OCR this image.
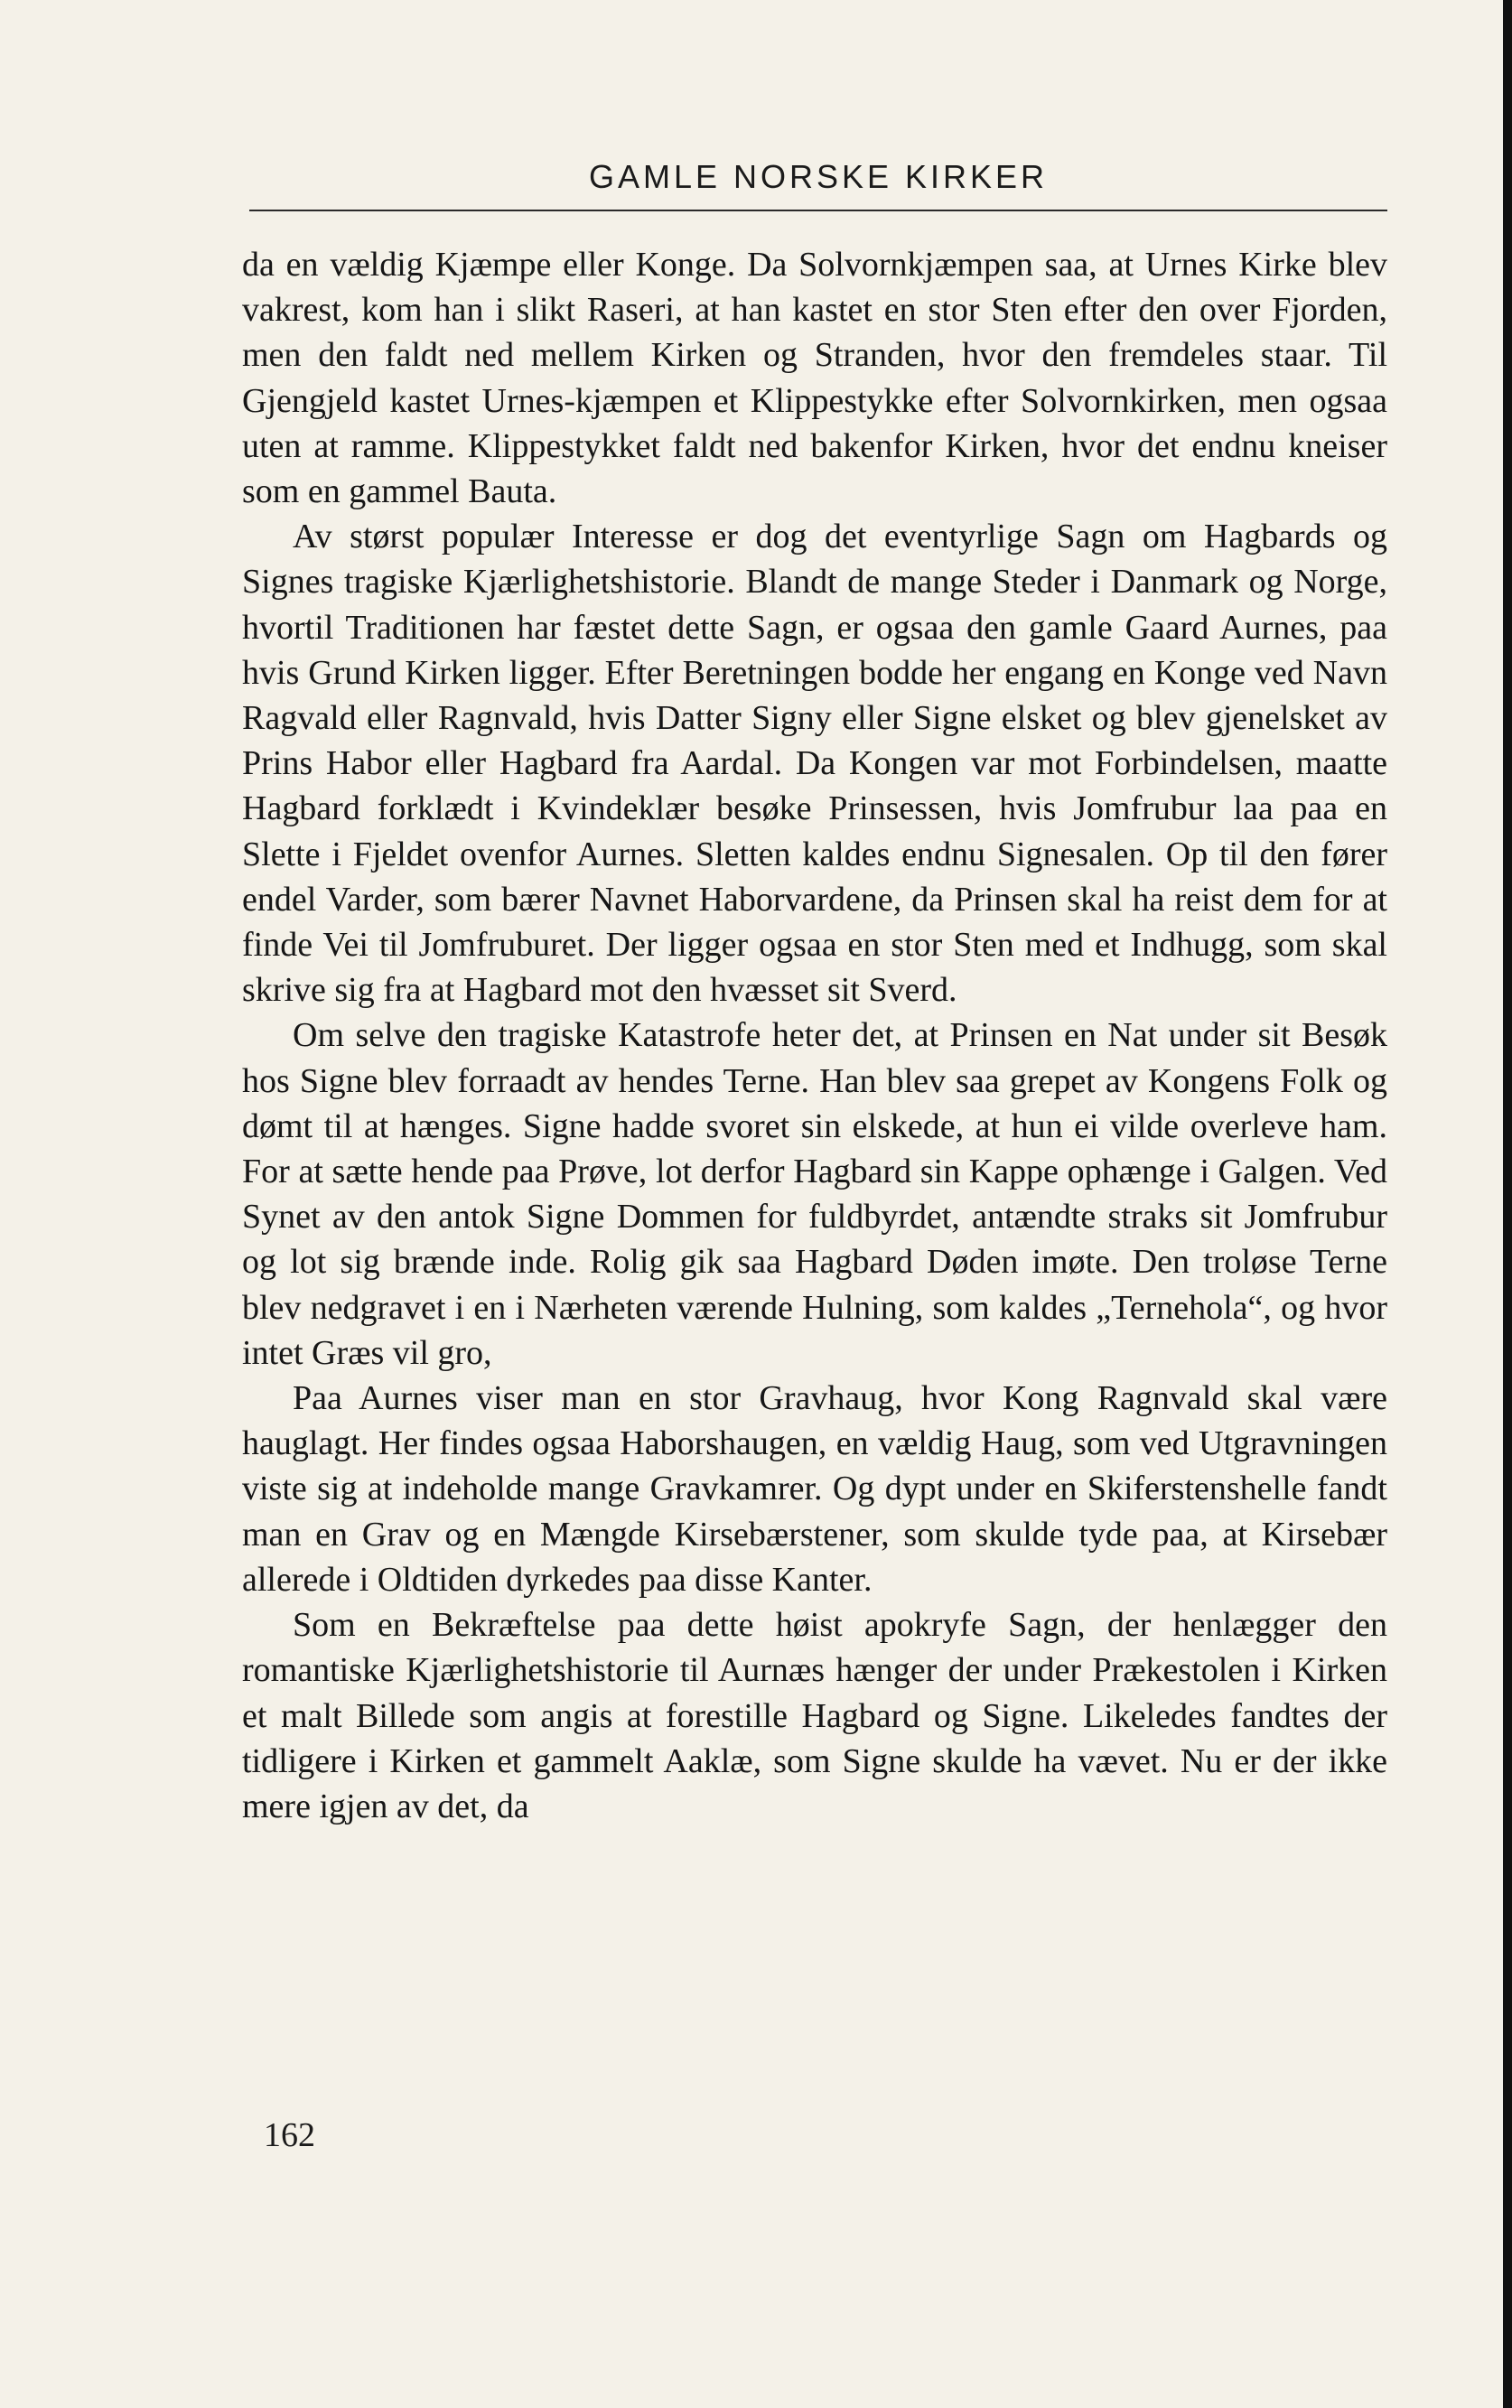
GAMLE NORSKE KIRKER

da en vældig Kjæmpe eller Konge. Da Solvornkjæmpen saa, at Urnes Kirke blev vakrest, kom han i slikt Raseri, at han kastet en stor Sten efter den over Fjorden, men den faldt ned mellem Kirken og Stranden, hvor den fremdeles staar. Til Gjengjeld kastet Urnes-kjæmpen et Klippestykke efter Solvornkirken, men ogsaa uten at ramme. Klippestykket faldt ned bakenfor Kirken, hvor det endnu kneiser som en gammel Bauta.

Av størst populær Interesse er dog det eventyrlige Sagn om Hagbards og Signes tragiske Kjærlighetshistorie. Blandt de mange Steder i Danmark og Norge, hvortil Traditionen har fæstet dette Sagn, er ogsaa den gamle Gaard Aurnes, paa hvis Grund Kirken ligger. Efter Beretningen bodde her engang en Konge ved Navn Ragvald eller Ragnvald, hvis Datter Signy eller Signe elsket og blev gjenelsket av Prins Habor eller Hagbard fra Aardal. Da Kongen var mot Forbindelsen, maatte Hagbard forklædt i Kvindeklær besøke Prinsessen, hvis Jomfrubur laa paa en Slette i Fjeldet ovenfor Aurnes. Sletten kaldes endnu Signesalen. Op til den fører endel Varder, som bærer Navnet Haborvardene, da Prinsen skal ha reist dem for at finde Vei til Jomfruburet. Der ligger ogsaa en stor Sten med et Indhugg, som skal skrive sig fra at Hagbard mot den hvæsset sit Sverd.

Om selve den tragiske Katastrofe heter det, at Prinsen en Nat under sit Besøk hos Signe blev forraadt av hendes Terne. Han blev saa grepet av Kongens Folk og dømt til at hænges. Signe hadde svoret sin elskede, at hun ei vilde overleve ham. For at sætte hende paa Prøve, lot derfor Hagbard sin Kappe ophænge i Galgen. Ved Synet av den antok Signe Dommen for fuldbyrdet, antændte straks sit Jomfrubur og lot sig brænde inde. Rolig gik saa Hagbard Døden imøte. Den troløse Terne blev nedgravet i en i Nærheten værende Hulning, som kaldes „Ternehola“, og hvor intet Græs vil gro,

Paa Aurnes viser man en stor Gravhaug, hvor Kong Ragnvald skal være hauglagt. Her findes ogsaa Haborshaugen, en vældig Haug, som ved Utgravningen viste sig at indeholde mange Gravkamrer. Og dypt under en Skiferstenshelle fandt man en Grav og en Mængde Kirsebærstener, som skulde tyde paa, at Kirsebær allerede i Oldtiden dyrkedes paa disse Kanter.

Som en Bekræftelse paa dette høist apokryfe Sagn, der henlægger den romantiske Kjærlighetshistorie til Aurnæs hænger der under Prækestolen i Kirken et malt Billede som angis at forestille Hagbard og Signe. Likeledes fandtes der tidligere i Kirken et gammelt Aaklæ, som Signe skulde ha vævet. Nu er der ikke mere igjen av det, da

162
